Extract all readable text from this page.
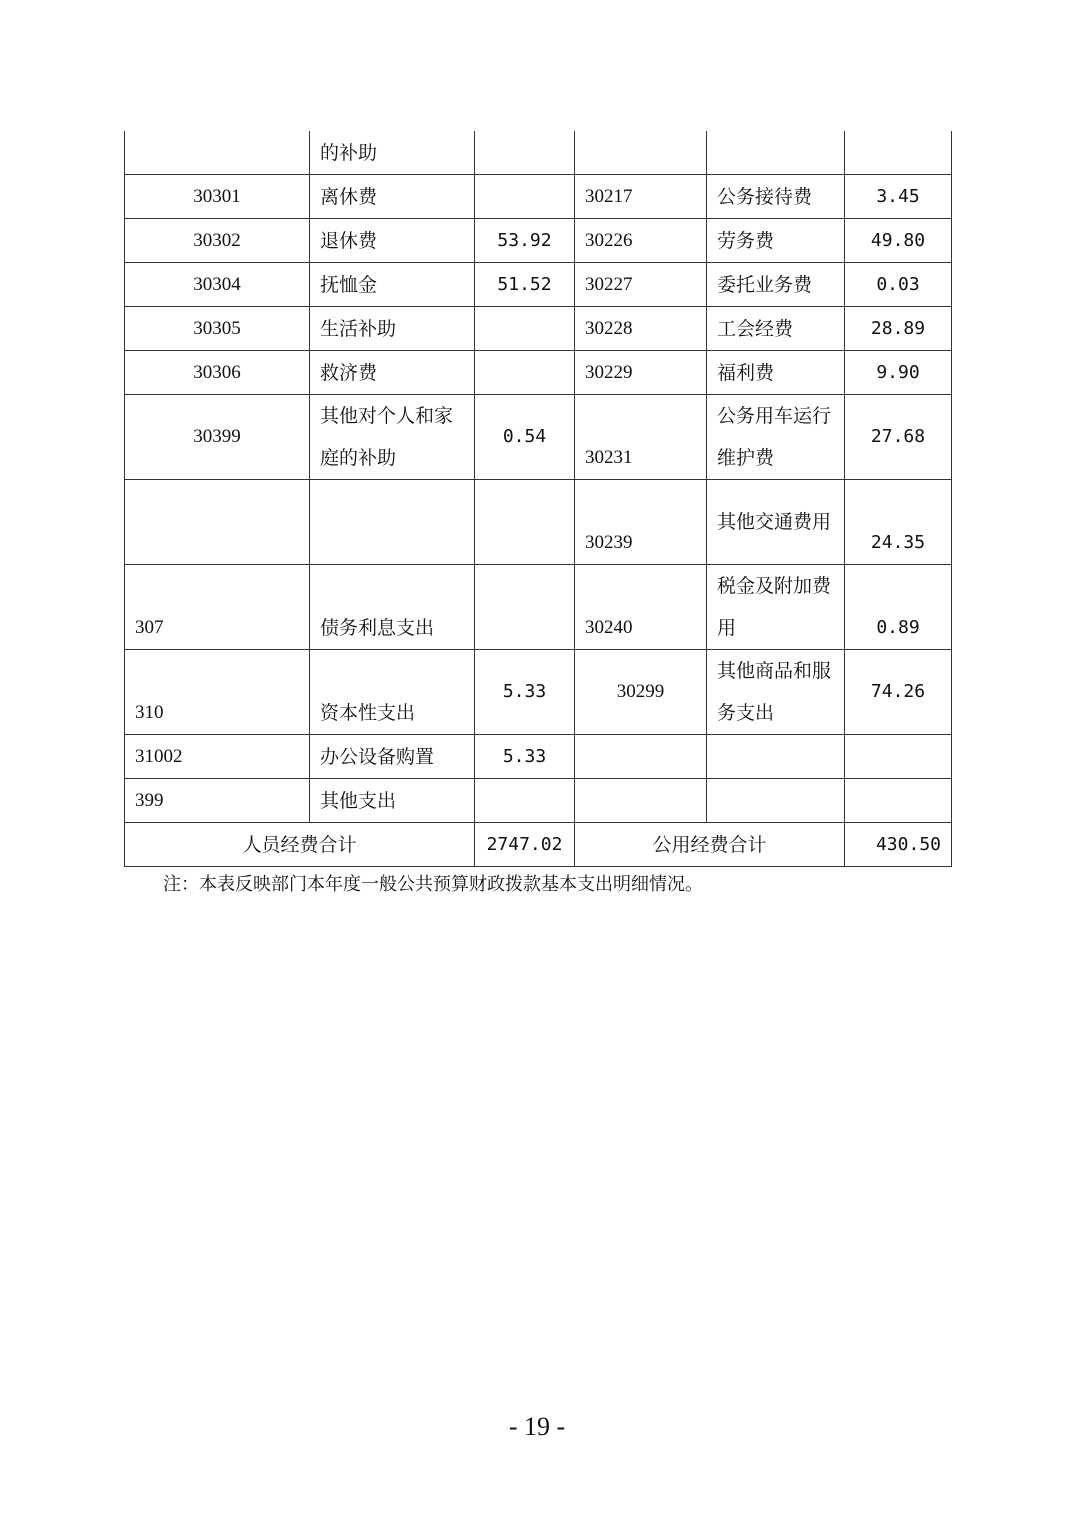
	的补助				
30301	离休费		30217	公务接待费	3.45
30302	退休费	53.92	30226	劳务费	49.80
30304	抚恤金	51.52	30227	委托业务费	0.03
30305	生活补助		30228	工会经费	28.89
30306	救济费		30229	福利费	9.90
30399	其他对个人和家庭的补助	0.54	30231	公务用车运行维护费	27.68
			30239	其他交通费用	24.35
307	债务利息支出		30240	税金及附加费用	0.89
310	资本性支出	5.33	30299	其他商品和服务支出	74.26
31002	办公设备购置	5.33			
399	其他支出				
人员经费合计		2747.02	公用经费合计		430.50
注：本表反映部门本年度一般公共预算财政拨款基本支出明细情况。
- 19 -
